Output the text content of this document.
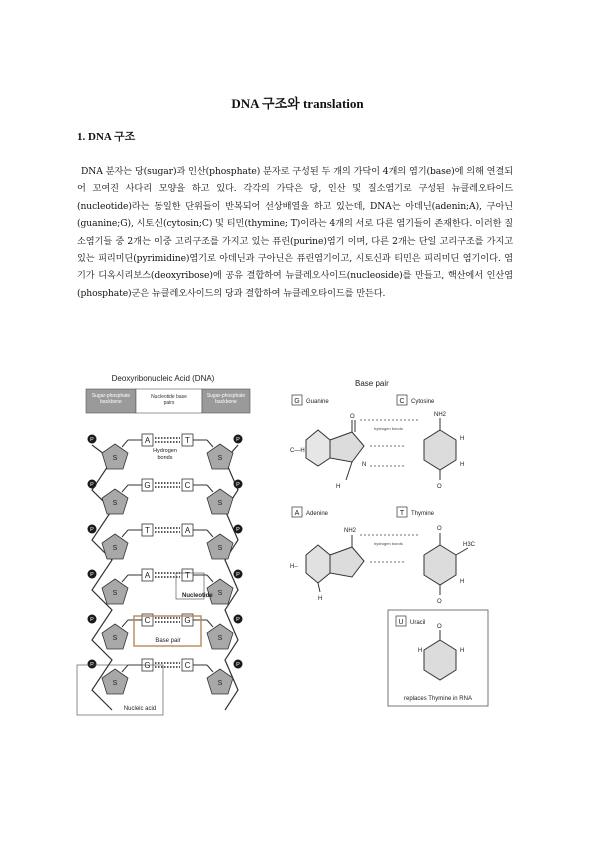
DNA 구조와 translation
1. DNA 구조

DNA 분자는 당(sugar)과 인산(phosphate) 분자로 구성된 두 개의 가닥이 4개의 염기(base)에 의해 연결되어 꼬여진 사다리 모양을 하고 있다. 각각의 가닥은 당, 인산 및 질소염기로 구성된 뉴클레오타이드(nucleotide)라는 동일한 단위들이 반복되어 선상배열을 하고 있는데, DNA는 아데닌(adenin;A), 구아닌(guanine;G), 시토신(cytosin;C) 및 티민(thymine; T)이라는 4개의 서로 다른 염기들이 존재한다. 이러한 질소염기들 중 2개는 이중 고리구조를 가지고 있는 퓨린(purine)염기 이며, 다른 2개는 단일 고리구조를 가지고 있는 피리미딘(pyrimidine)염기로 아데닌과 구아닌은 퓨린염기이고, 시토신과 티민은 피리미딘 염기이다. 염기가 디옥시리보스(deoxyribose)에 공유 결합하여 뉴클레오사이드(nucleoside)를 만들고, 핵산에서 인산염(phosphate)군은 뉴클레오사이드의 당과 결합하여 뉴클레오타이드를 만든다.

Deoxyribonucleic Acid (DNA)
Sugar-phosphate backbone
Nucleotide base pairs
Sugar-phosphate backbone
P	P
S	S
A	T
P	P
S	S
G	C
P	P
S	S
T	A
P	P
S	S
A	T
P	P
S	S
C	G
P	P
S	S
G	C
Hydrogen bonds
Nucleotide
Base pair
Nucleic acid
Base pair
G Guanine	C Cytosine
O
C—H
N
H
hydrogen bonds
NH2
O
H
H
A Adenine	T Thymine
NH2
H–
H
hydrogen bonds
O
H3C
O
H
U Uracil
O
H	H
replaces Thymine in RNA
